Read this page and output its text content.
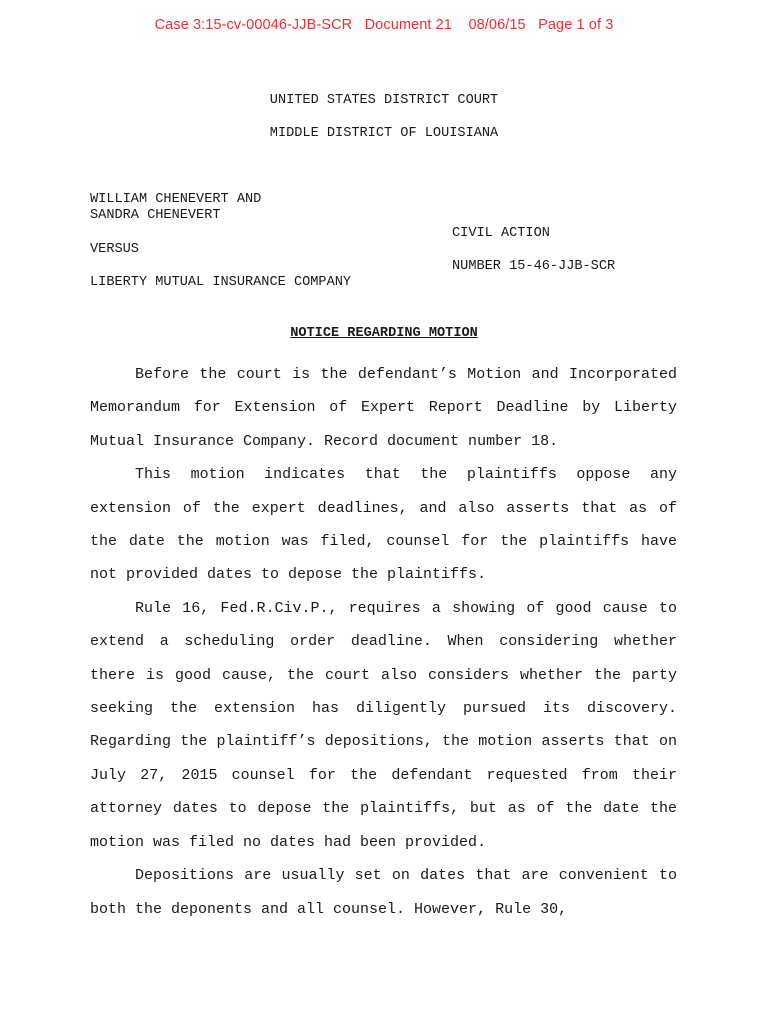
Case 3:15-cv-00046-JJB-SCR   Document 21    08/06/15   Page 1 of 3
UNITED STATES DISTRICT COURT
MIDDLE DISTRICT OF LOUISIANA
WILLIAM CHENEVERT AND
SANDRA CHENEVERT
VERSUS
LIBERTY MUTUAL INSURANCE COMPANY
CIVIL ACTION
NUMBER 15-46-JJB-SCR
NOTICE REGARDING MOTION

Before the court is the defendant’s Motion and Incorporated Memorandum for Extension of Expert Report Deadline by Liberty Mutual Insurance Company. Record document number 18.

This motion indicates that the plaintiffs oppose any extension of the expert deadlines, and also asserts that as of the date the motion was filed, counsel for the plaintiffs have not provided dates to depose the plaintiffs.

Rule 16, Fed.R.Civ.P., requires a showing of good cause to extend a scheduling order deadline. When considering whether there is good cause, the court also considers whether the party seeking the extension has diligently pursued its discovery. Regarding the plaintiff’s depositions, the motion asserts that on July 27, 2015 counsel for the defendant requested from their attorney dates to depose the plaintiffs, but as of the date the motion was filed no dates had been provided.

Depositions are usually set on dates that are convenient to both the deponents and all counsel. However, Rule 30,
